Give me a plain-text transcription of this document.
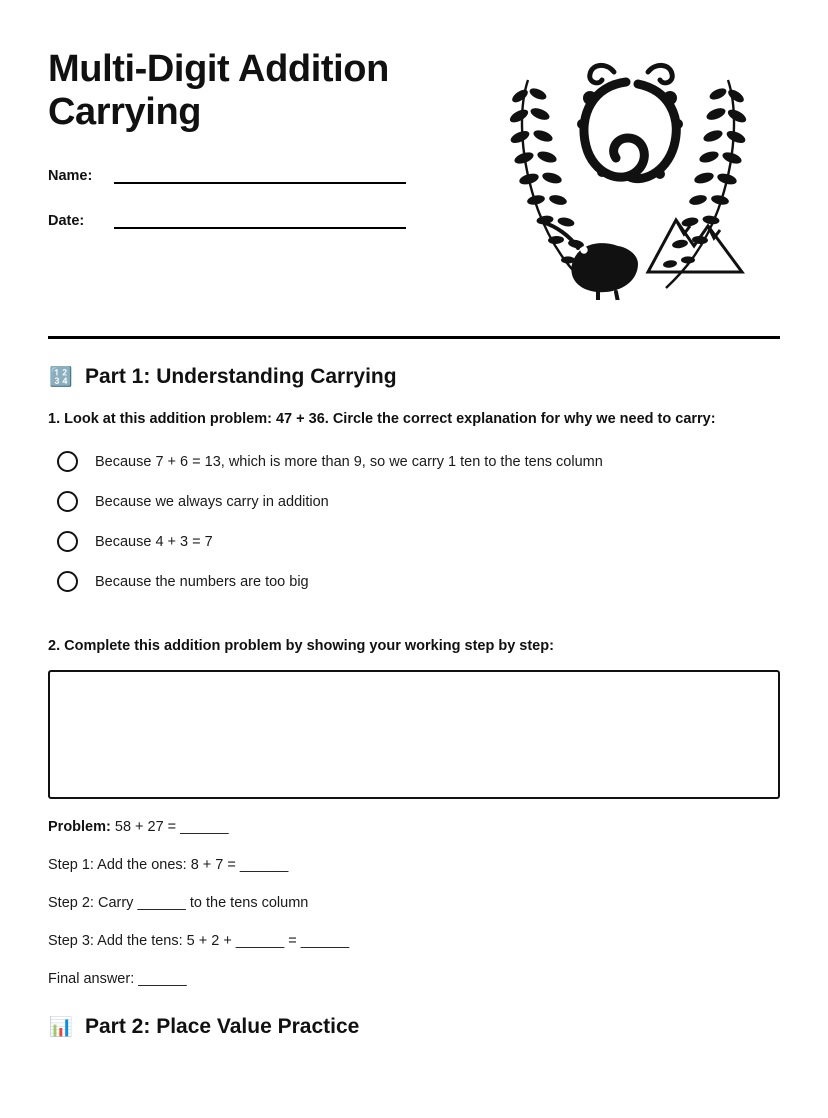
Multi-Digit Addition Carrying
Name:
Date:
🔢 Part 1: Understanding Carrying
1. Look at this addition problem: 47 + 36. Circle the correct explanation for why we need to carry:
Because 7 + 6 = 13, which is more than 9, so we carry 1 ten to the tens column
Because we always carry in addition
Because 4 + 3 = 7
Because the numbers are too big
2. Complete this addition problem by showing your working step by step:
Problem: 58 + 27 = ______
Step 1: Add the ones: 8 + 7 = ______
Step 2: Carry ______ to the tens column
Step 3: Add the tens: 5 + 2 + ______ = ______
Final answer: ______
📊 Part 2: Place Value Practice
